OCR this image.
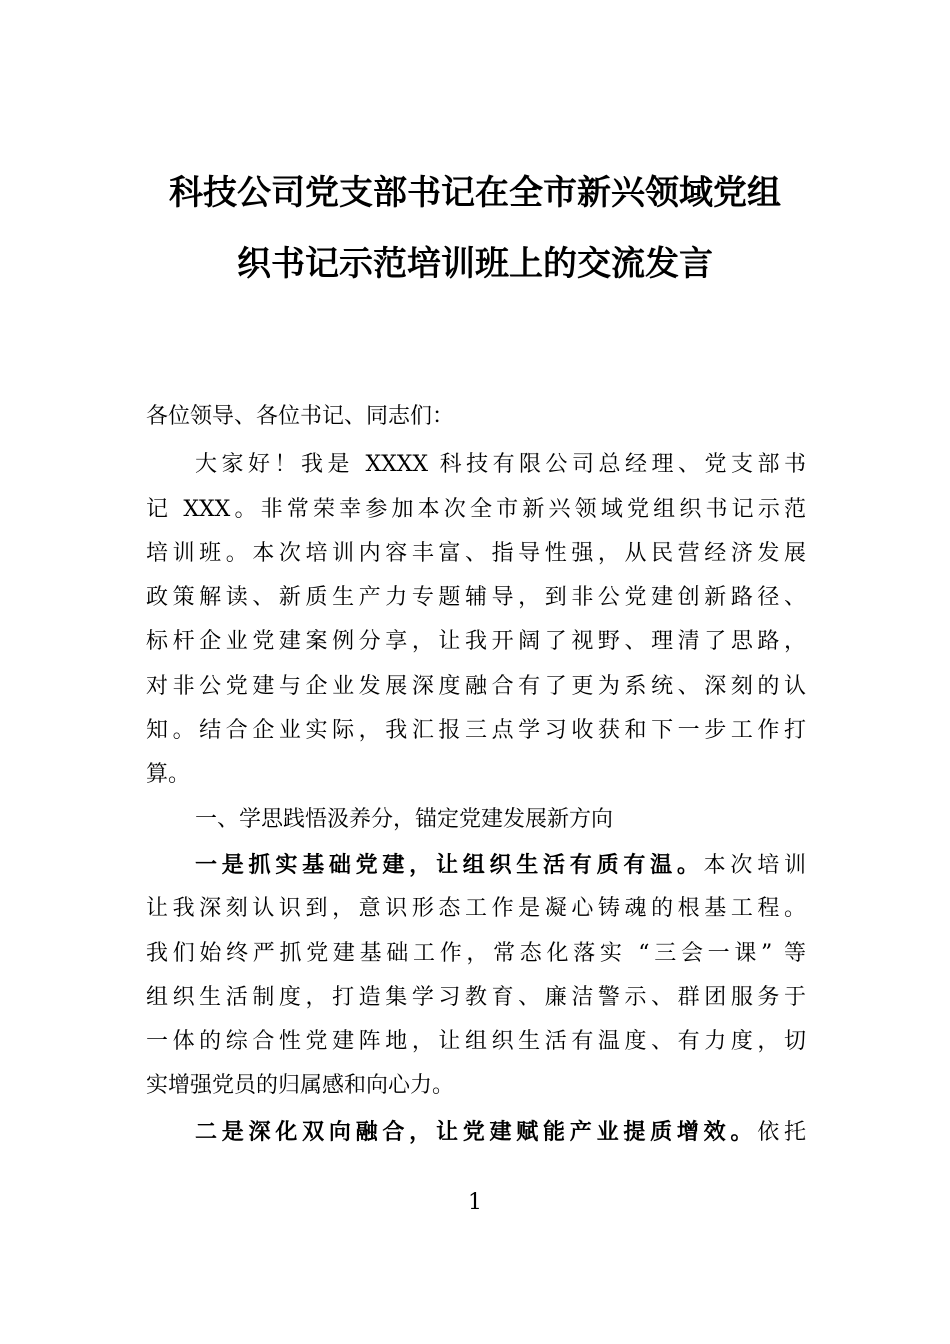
科技公司党支部书记在全市新兴领域党组
织书记示范培训班上的交流发言

各位领导、各位书记、同志们：

大家好！我是 XXXX 科技有限公司总经理、党支部书

记 XXX。非常荣幸参加本次全市新兴领域党组织书记示范

培训班。本次培训内容丰富、指导性强，从民营经济发展

政策解读、新质生产力专题辅导，到非公党建创新路径、

标杆企业党建案例分享，让我开阔了视野、理清了思路，

对非公党建与企业发展深度融合有了更为系统、深刻的认

知。结合企业实际，我汇报三点学习收获和下一步工作打

算。

一、学思践悟汲养分，锚定党建发展新方向

一是抓实基础党建，让组织生活有质有温。本次培训

让我深刻认识到，意识形态工作是凝心铸魂的根基工程。

我们始终严抓党建基础工作，常态化落实 “三会一课” 等

组织生活制度，打造集学习教育、廉洁警示、群团服务于

一体的综合性党建阵地，让组织生活有温度、有力度，切

实增强党员的归属感和向心力。

二是深化双向融合，让党建赋能产业提质增效。依托

1
